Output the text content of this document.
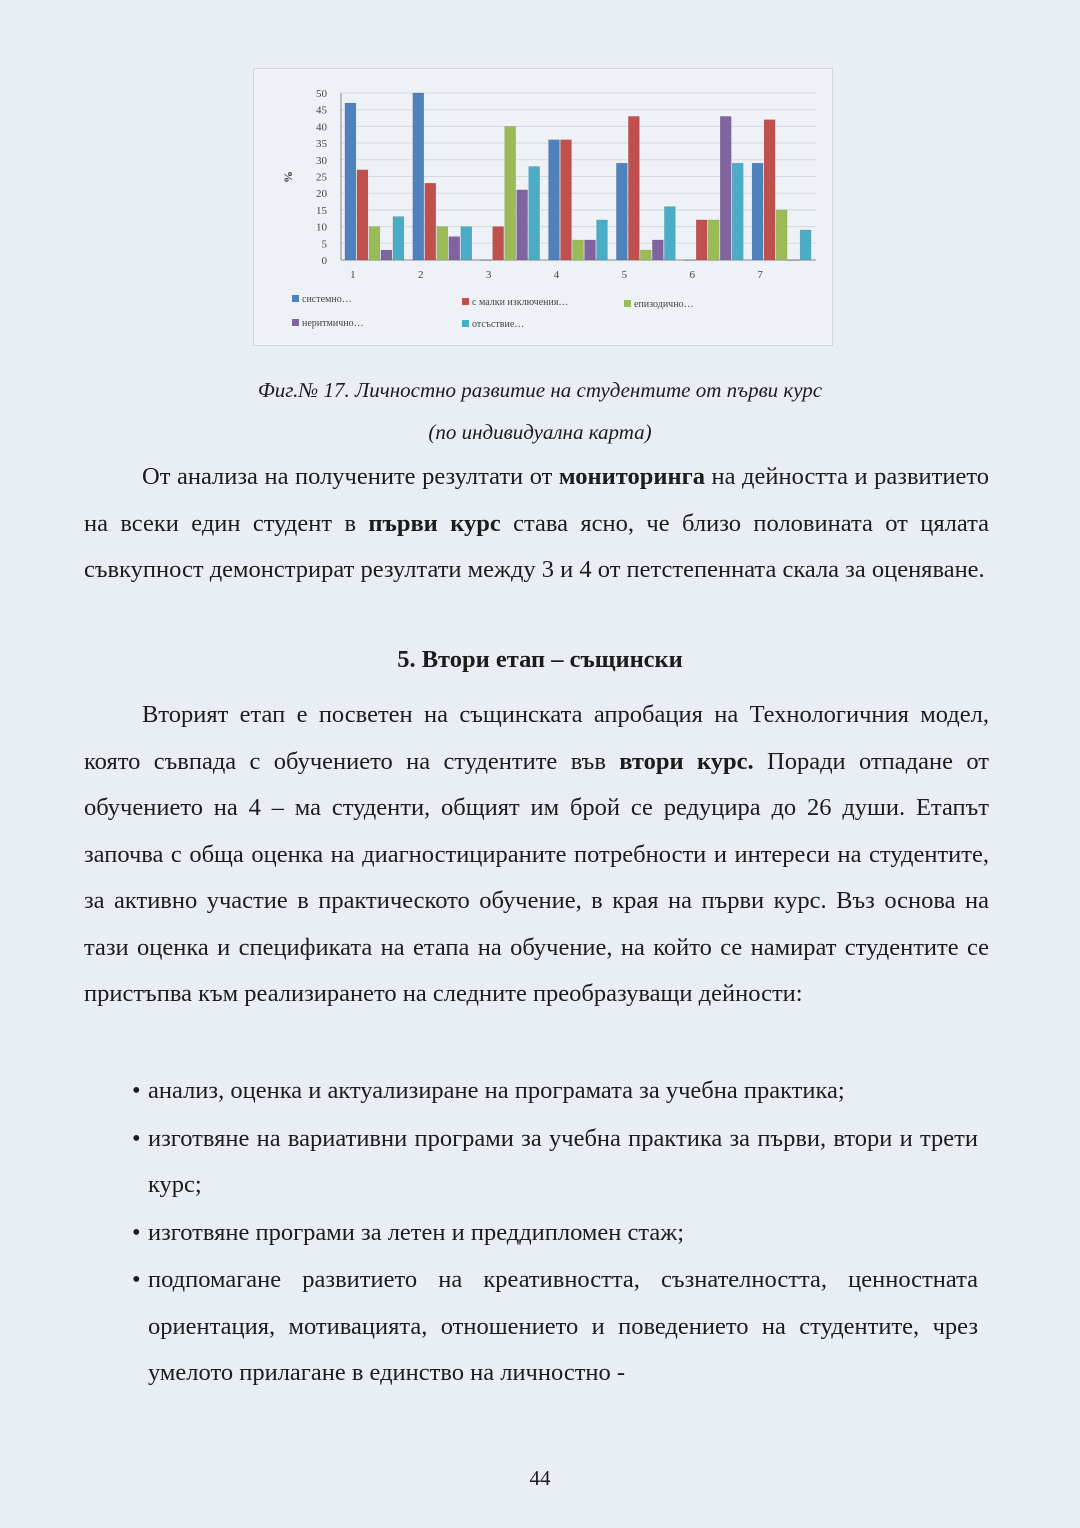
0
5
10
15
20
25
30
35
40
45
50
%
1	2	3	4	5	6	7
системно…	с малки изключения…	епизодично…
неритмично…	отсъствие…
Фиг.№ 17. Личностно развитие на студентите от първи курс
(по индивидуална карта)
От анализа на получените резултати от мониторинга на дейността и развитието на всеки един студент в първи курс става ясно, че близо половината от цялата съвкупност демонстрират резултати между 3 и 4 от петстепенната скала за оценяване.
5. Втори етап – същински
Вторият етап е посветен на същинската апробация на Технологичния модел, която съвпада с обучението на студентите във втори курс. Поради отпадане от обучението на 4 – ма студенти, общият им брой се редуцира до 26 души. Етапът започва с обща оценка на диагностицираните потребности и интереси на студентите, за активно участие в практическото обучение, в края на първи курс. Въз основа на тази оценка и спецификата на етапа на обучение, на който се намират студентите се пристъпва към реализирането на следните преобразуващи дейности:
• анализ, оценка и актуализиране на програмата за учебна практика;
• изготвяне на вариативни програми за учебна практика за първи, втори и трети курс;
• изготвяне програми за летен и преддипломен стаж;
• подпомагане развитието на креативността, съзнателността, ценностната ориентация, мотивацията, отношението и поведението на студентите, чрез умелото прилагане в единство на личностно -
44
